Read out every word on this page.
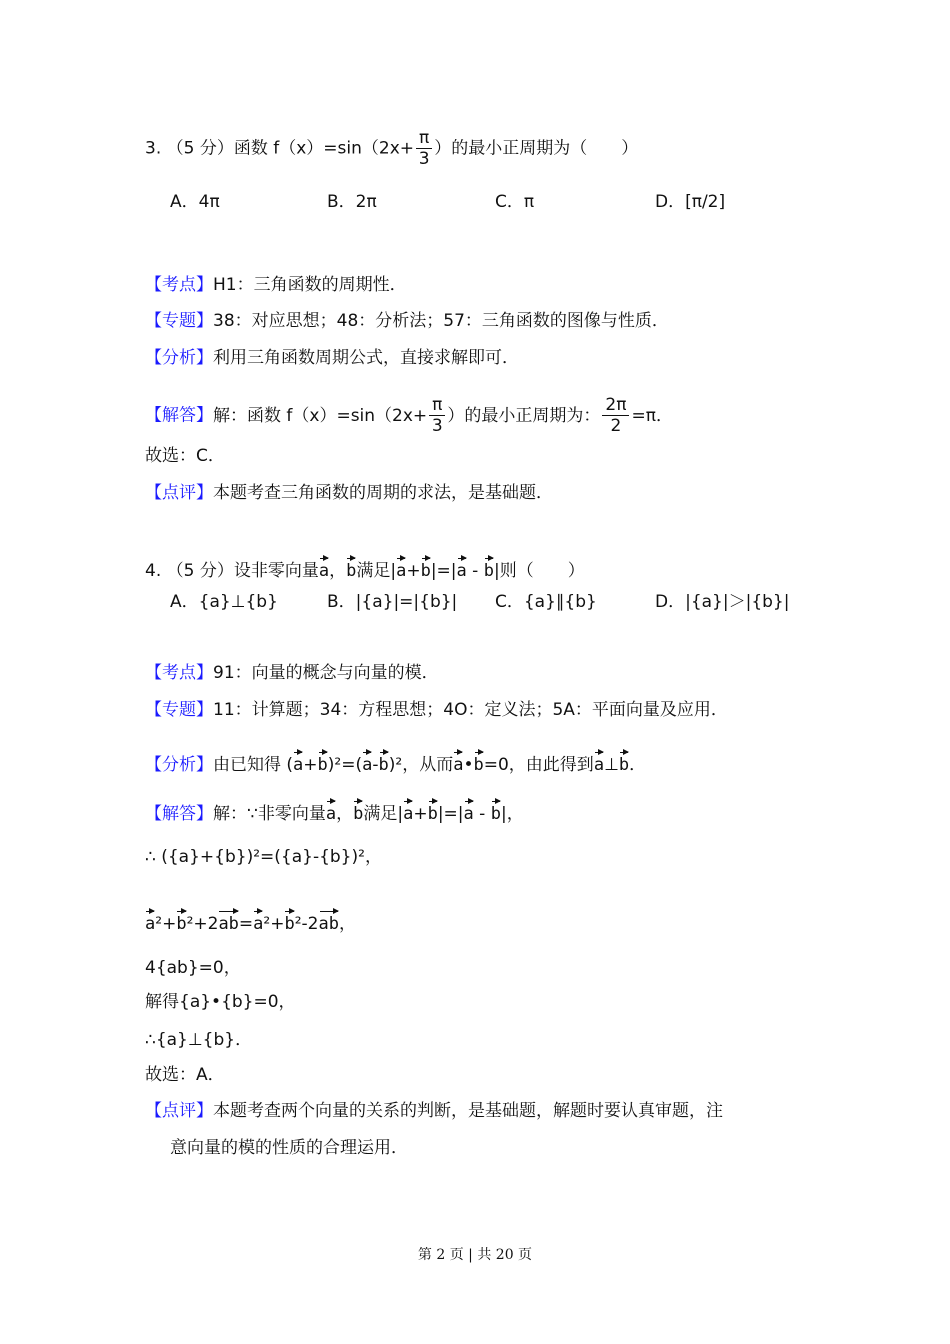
3. （5 分）函数 $f(x)=\sin(2x+ \frac{\pi}{3}$ ）的最小正周期为（　　）
A．4π	B．2π	C．π	D．[π/2]
【考点】H1：三角函数的周期性．
【专题】38：对应思想；48：分析法；57：三角函数的图像与性质．
【分析】利用三角函数周期公式，直接求解即可．
【解答】解：函数 $f(x)=\sin(2x+ \frac{\pi}{3}$ ）的最小正周期为： $\frac{2\pi}{2} =\pi$．
故选：C．
【点评】本题考查三角函数的周期的求法，是基础题．
4. （5 分）设非零向量a，b满足|a+b|=|a - b|则（　　）
A．{a}⊥{b}	B．|{a}|=|{b}| C．{a}∥{b}	D．|{a}|＞|{b}|
【考点】91：向量的概念与向量的模．
【专题】11：计算题；34：方程思想；4O：定义法；5A：平面向量及应用．
【分析】由已知得 (a+b)²=(a-b)²，从而a•b=0，由此得到a⊥b．
【解答】解：∵非零向量a，b满足|a+b|=|a - b|，
∴ ({a}+{b})²=({a}-{b})²，
a²+b²+2ab=a²+b²-2ab，
4{ab}=0，
解得{a}•{b}=0，
∴{a}⊥{b}．
故选：A．
【点评】本题考查两个向量的关系的判断，是基础题，解题时要认真审题，注
意向量的模的性质的合理运用．
第 2 页 | 共 20 页
